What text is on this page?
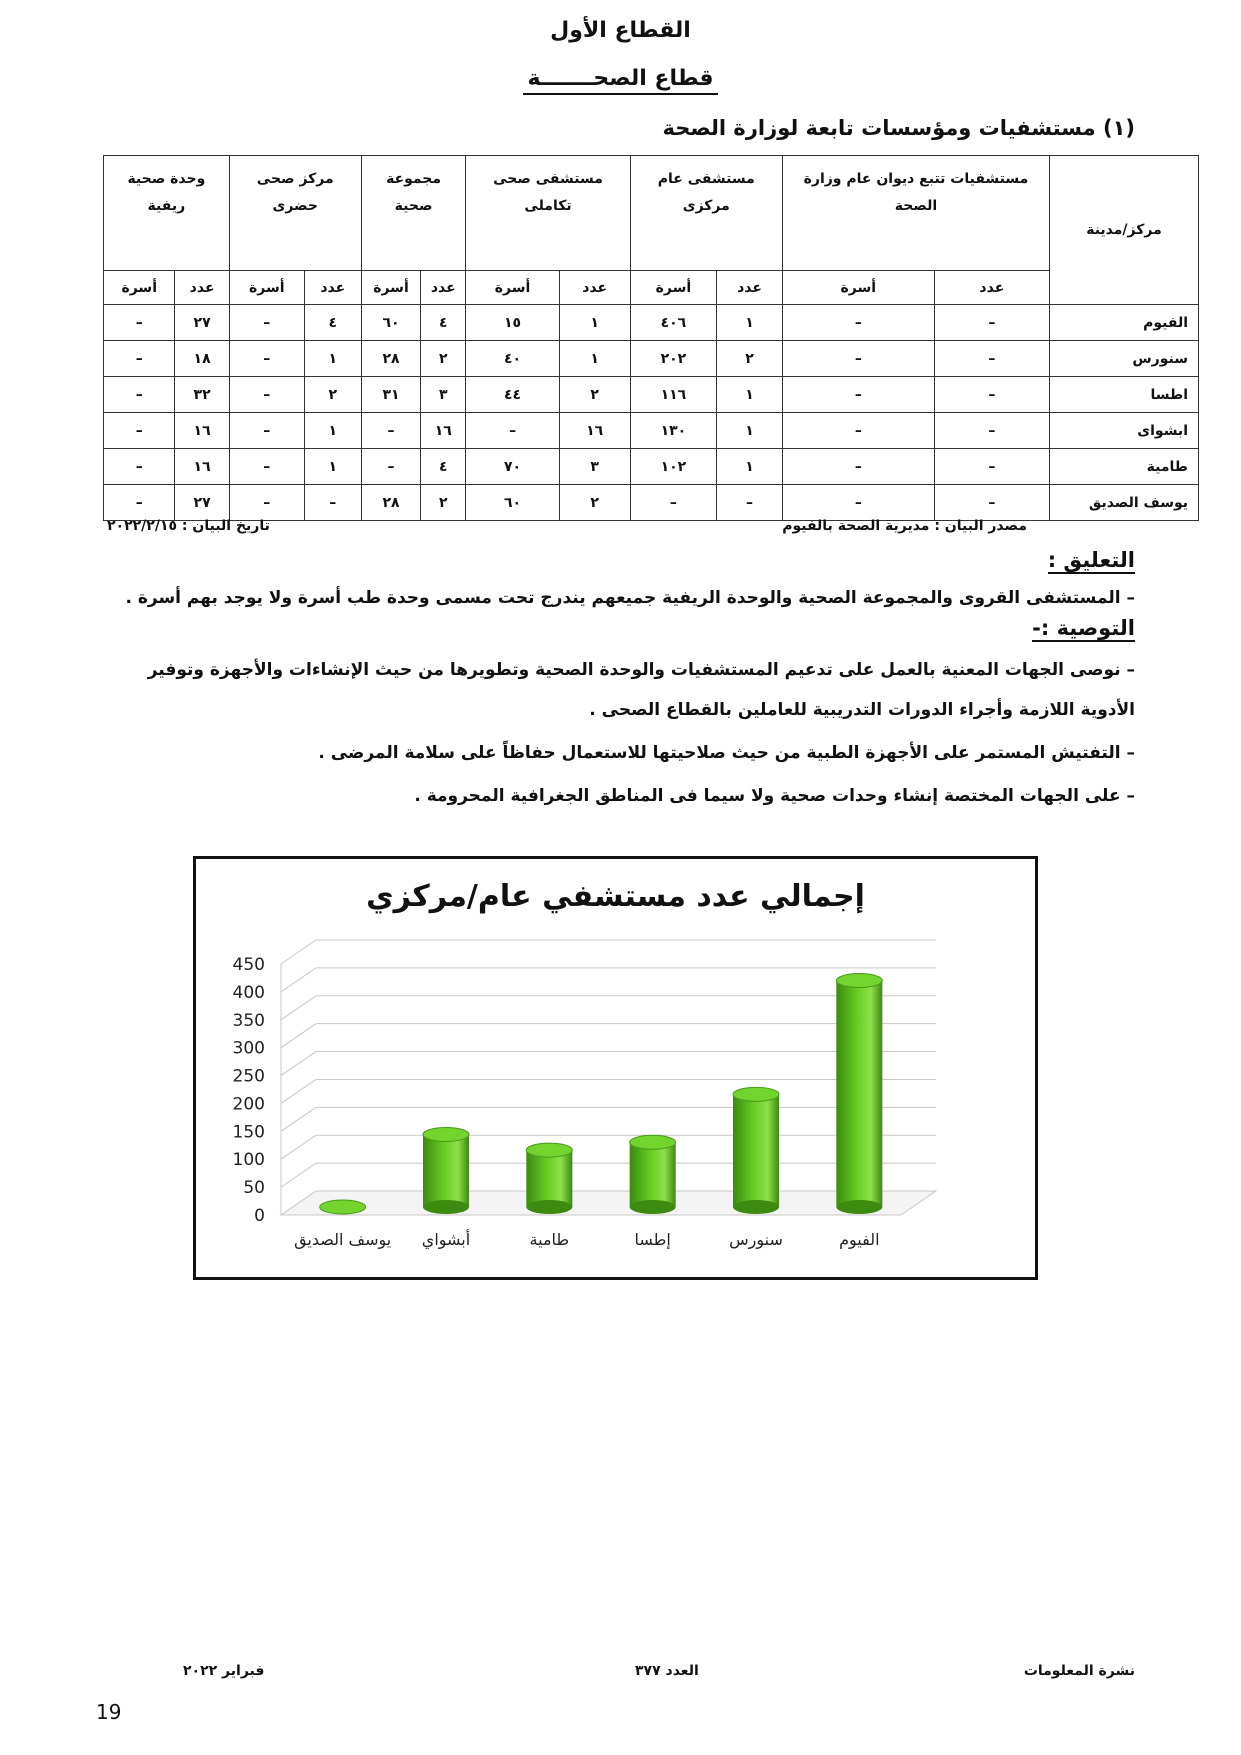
القطاع الأول
قطاع الصحـــــــة
(١) مستشفيات ومؤسسات تابعة لوزارة الصحة
مركز/مدينة	مستشفيات تتبع ديوان عام وزارة الصحة		مستشفى عام مركزى		مستشفى صحى تكاملى		مجموعة صحية		مركز صحى حضرى		وحدة صحية ريفية	
	عدد	أسرة	عدد	أسرة	عدد	أسرة	عدد	أسرة	عدد	أسرة	عدد	أسرة
الفيوم	–	–	١	٤٠٦	١	١٥	٤	٦٠	٤	–	٢٧	–
سنورس	–	–	٢	٢٠٢	١	٤٠	٢	٢٨	١	–	١٨	–
اطسا	–	–	١	١١٦	٢	٤٤	٣	٣١	٢	–	٣٢	–
ابشواى	–	–	١	١٣٠	١٦	–	١٦	–	١	–	١٦	–
طامية	–	–	١	١٠٢	٣	٧٠	٤	–	١	–	١٦	–
يوسف الصديق	–	–	–	–	٢	٦٠	٢	٢٨	–	–	٢٧	–
مصدر البيان : مديرية الصحة بالفيوم
تاريخ البيان : ٢٠٢٢/٢/١٥
التعليق :
– المستشفى القروى والمجموعة الصحية والوحدة الريفية جميعهم يندرج تحت مسمى وحدة طب أسرة ولا يوجد بهم أسرة .
التوصية :-
– نوصى الجهات المعنية بالعمل على تدعيم المستشفيات والوحدة الصحية وتطويرها من حيث الإنشاءات والأجهزة وتوفير الأدوية اللازمة وأجراء الدورات التدريبية للعاملين بالقطاع الصحى .
– التفتيش المستمر على الأجهزة الطبية من حيث صلاحيتها للاستعمال حفاظاً على سلامة المرضى .
– على الجهات المختصة إنشاء وحدات صحية ولا سيما فى المناطق الجغرافية المحرومة .
إجمالي عدد مستشفي عام/مركزي
0
50
100
150
200
250
300
350
400
450
يوسف الصديق أبشواي	طامية	إطسا	سنورس	الفيوم
نشرة المعلومات
العدد ٣٧٧
فبراير ٢٠٢٢
19
